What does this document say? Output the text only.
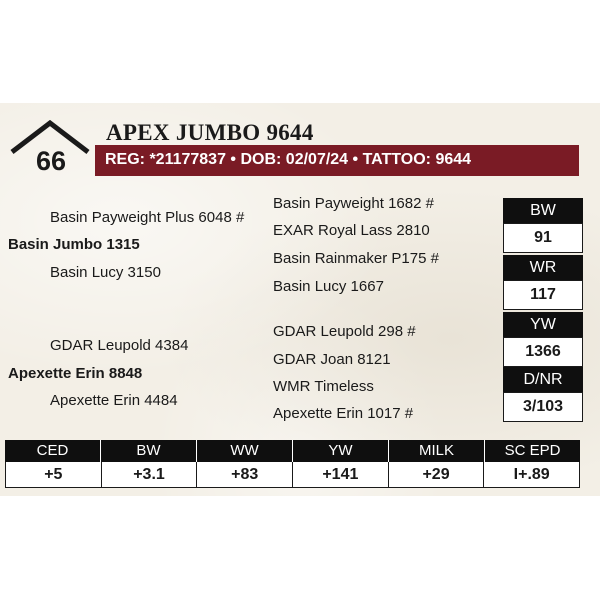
66
APEX JUMBO 9644
REG: *21177837 • DOB: 02/07/24 • TATTOO: 9644
Basin Payweight Plus 6048 #
Basin Jumbo 1315
Basin Lucy 3150
GDAR Leupold 4384
Apexette Erin 8848
Apexette Erin 4484
Basin Payweight 1682 #
EXAR Royal Lass 2810
Basin Rainmaker P175 #
Basin Lucy 1667
GDAR Leupold 298 #
GDAR Joan 8121
WMR Timeless
Apexette Erin 1017 #
BW
91
WR
117
YW
1366
D/NR
3/103
CED	BW	WW	YW	MILK	SC EPD
+5	+3.1	+83	+141	+29	I+.89
